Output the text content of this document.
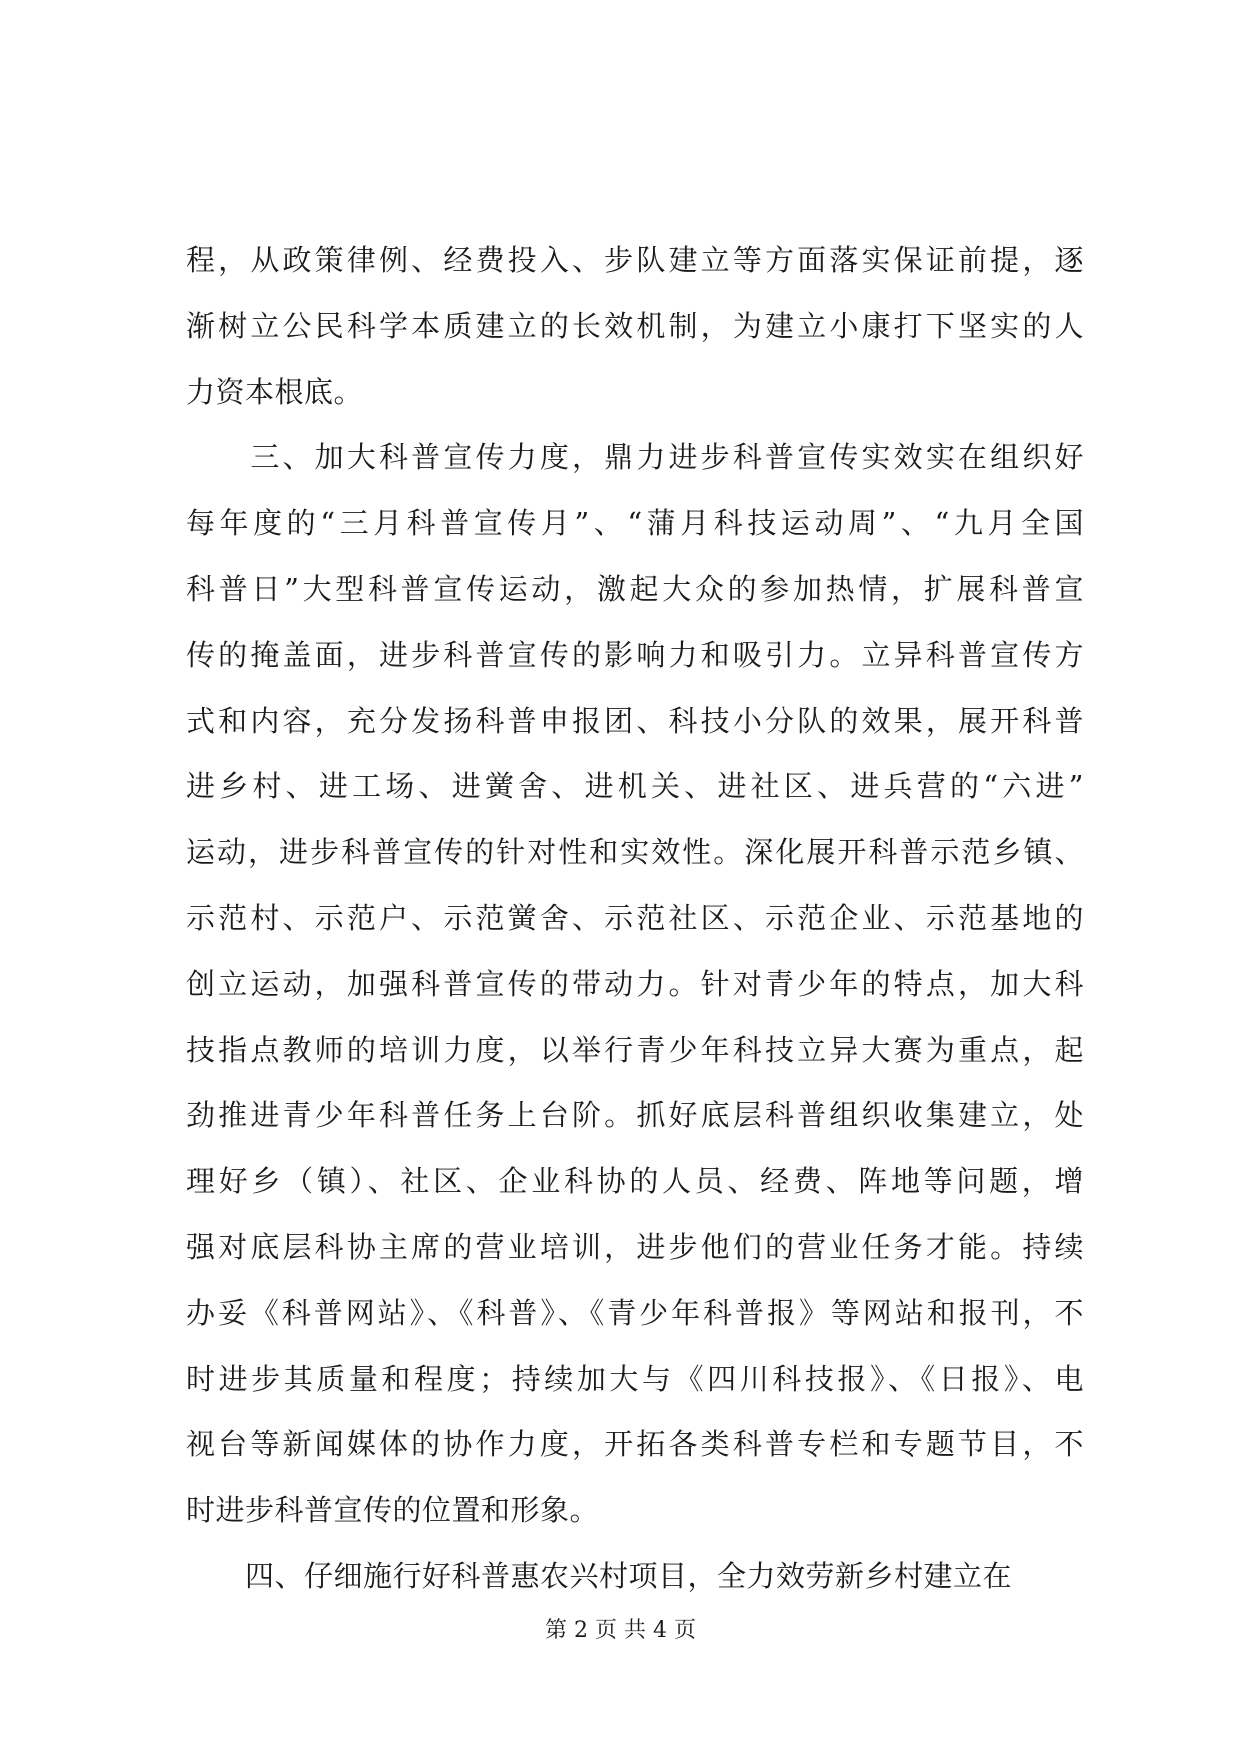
程，从政策律例、经费投入、步队建立等方面落实保证前提，逐
渐树立公民科学本质建立的长效机制，为建立小康打下坚实的人
力资本根底。
　　三、加大科普宣传力度，鼎力进步科普宣传实效实在组织好
每年度的“三月科普宣传月”、“蒲月科技运动周”、“九月全国
科普日”大型科普宣传运动，激起大众的参加热情，扩展科普宣
传的掩盖面，进步科普宣传的影响力和吸引力。立异科普宣传方
式和内容，充分发扬科普申报团、科技小分队的效果，展开科普
进乡村、进工场、进黉舍、进机关、进社区、进兵营的“六进”
运动，进步科普宣传的针对性和实效性。深化展开科普示范乡镇、
示范村、示范户、示范黉舍、示范社区、示范企业、示范基地的
创立运动，加强科普宣传的带动力。针对青少年的特点，加大科
技指点教师的培训力度，以举行青少年科技立异大赛为重点，起
劲推进青少年科普任务上台阶。抓好底层科普组织收集建立，处
理好乡（镇）、社区、企业科协的人员、经费、阵地等问题，增
强对底层科协主席的营业培训，进步他们的营业任务才能。持续
办妥《科普网站》、《科普》、《青少年科普报》等网站和报刊，不
时进步其质量和程度；持续加大与《四川科技报》、《日报》、电
视台等新闻媒体的协作力度，开拓各类科普专栏和专题节目，不
时进步科普宣传的位置和形象。
　　四、仔细施行好科普惠农兴村项目，全力效劳新乡村建立在
第 2 页 共 4 页
